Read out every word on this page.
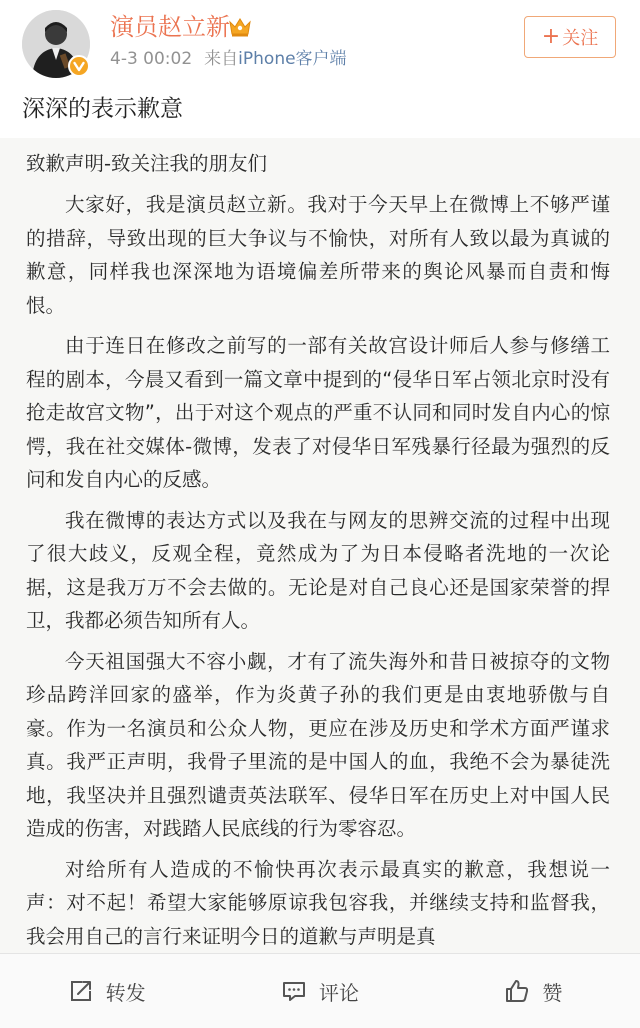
演员赵立新
4-3 00:02 来自iPhone客户端
+ 关注
深深的表示歉意
致歉声明-致关注我的朋友们

大家好，我是演员赵立新。我对于今天早上在微博上不够严谨的措辞，导致出现的巨大争议与不愉快，对所有人致以最为真诚的歉意，同样我也深深地为语境偏差所带来的舆论风暴而自责和悔恨。

由于连日在修改之前写的一部有关故宫设计师后人参与修缮工程的剧本，今晨又看到一篇文章中提到的“侵华日军占领北京时没有抢走故宫文物”，出于对这个观点的严重不认同和同时发自内心的惊愕，我在社交媒体-微博，发表了对侵华日军残暴行径最为强烈的反问和发自内心的反感。

我在微博的表达方式以及我在与网友的思辨交流的过程中出现了很大歧义，反观全程，竟然成为了为日本侵略者洗地的一次论据，这是我万万不会去做的。无论是对自己良心还是国家荣誉的捍卫，我都必须告知所有人。

今天祖国强大不容小觑，才有了流失海外和昔日被掠夺的文物珍品跨洋回家的盛举，作为炎黄子孙的我们更是由衷地骄傲与自豪。作为一名演员和公众人物，更应在涉及历史和学术方面严谨求真。我严正声明，我骨子里流的是中国人的血，我绝不会为暴徒洗地，我坚决并且强烈谴责英法联军、侵华日军在历史上对中国人民造成的伤害，对践踏人民底线的行为零容忍。

对给所有人造成的不愉快再次表示最真实的歉意，我想说一声：对不起！希望大家能够原谅我包容我，并继续支持和监督我，我会用自己的言行来证明今日的道歉与声明是真

转发	评论	赞
